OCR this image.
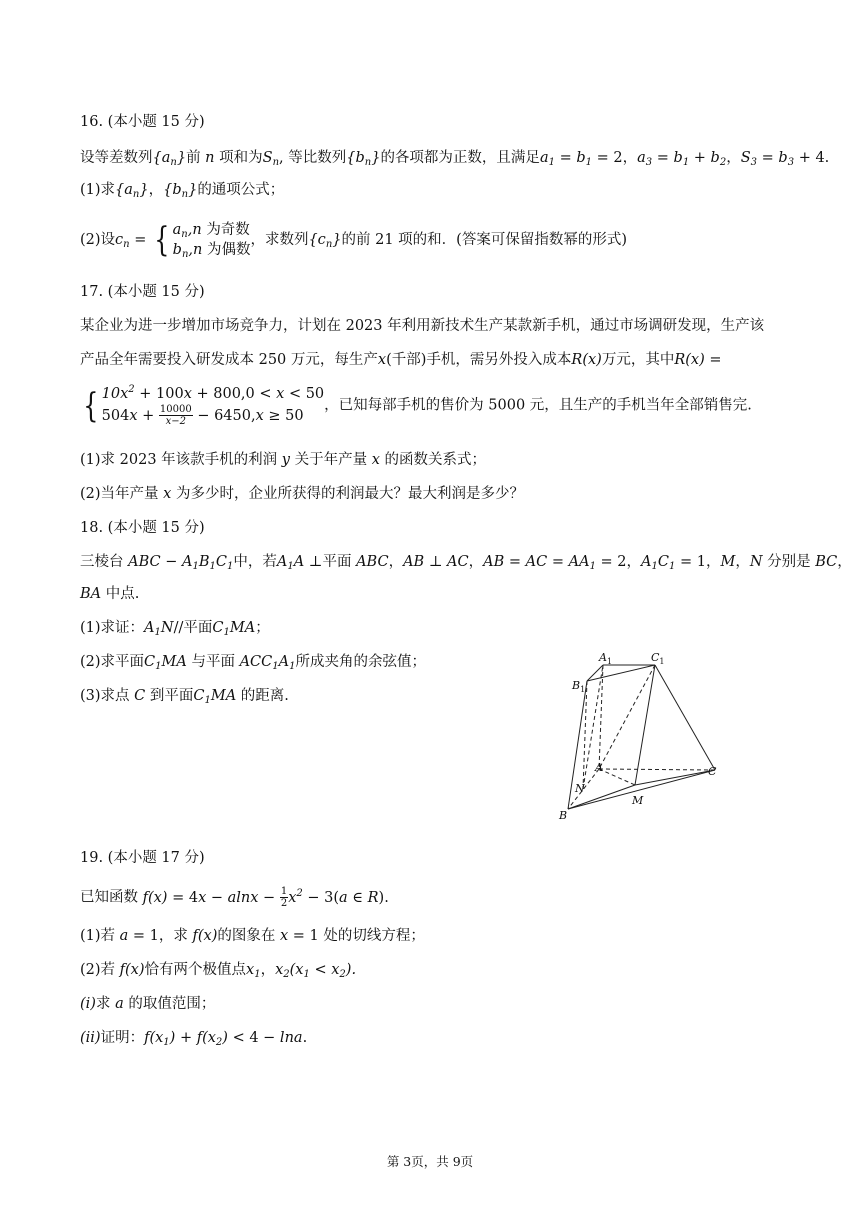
16. (本小题 15 分)
设等差数列$\{a_n\}$前 n 项和为$S_n$, 等比数列$\{b_n\}$的各项都为正数，且满足$a_1 = b_1 = 2$，$a_3 = b_1 + b_2$，$S_3 = b_3 + 4$.
(1)求$\{a_n\}$，$\{b_n\}$的通项公式；
(2)设$c_n$ = { $a_n,n$ 为奇数
$b_n,n$ 为偶数，求数列$\{c_n\}$的前 21 项的和．(答案可保留指数幂的形式)
17. (本小题 15 分)
某企业为进一步增加市场竞争力，计划在 2023 年利用新技术生产某款新手机，通过市场调研发现，生产该
产品全年需要投入研发成本 250 万元，每生产x(千部)手机，需另外投入成本R(x)万元，其中R(x) =
{ $10x^2 + 100x + 800,0 < x < 50$
$504x + \frac{10000}{x-2} - 6450,x \ge 50$，已知每部手机的售价为 5000 元，且生产的手机当年全部销售完.
(1)求 2023 年该款手机的利润 y 关于年产量 x 的函数关系式；
(2)当年产量 x 为多少时，企业所获得的利润最大？最大利润是多少？
18. (本小题 15 分)
三棱台 ABC − $A_1B_1C_1$中，若$A_1A$ ⊥平面 ABC，AB ⊥ AC，AB = AC = $AA_1 = 2$，$A_1C_1 = 1$，M，N 分别是 BC，
BA 中点.
(1)求证：$A_1N//$平面$C_1MA$；
(2)求平面$C_1MA$ 与平面 $ACC_1A_1$所成夹角的余弦值；
(3)求点 C 到平面$C_1MA$ 的距离.
$A_1$	$C_1$
$B_1$
A	C
N
M
B
19. (本小题 17 分)
已知函数 $f(x) = 4x - alnx - \frac{1}{2} x^2 - 3(a$ ∈ R).
(1)若 a = 1，求 f(x)的图象在 x = 1 处的切线方程；
(2)若 f(x)恰有两个极值点$x_1$，$x_2(x_1 < x_2)$.
(i)求 a 的取值范围；
(ii)证明：$f(x_1) + f(x_2) < 4 - \ln a$.
第 3页，共 9页
